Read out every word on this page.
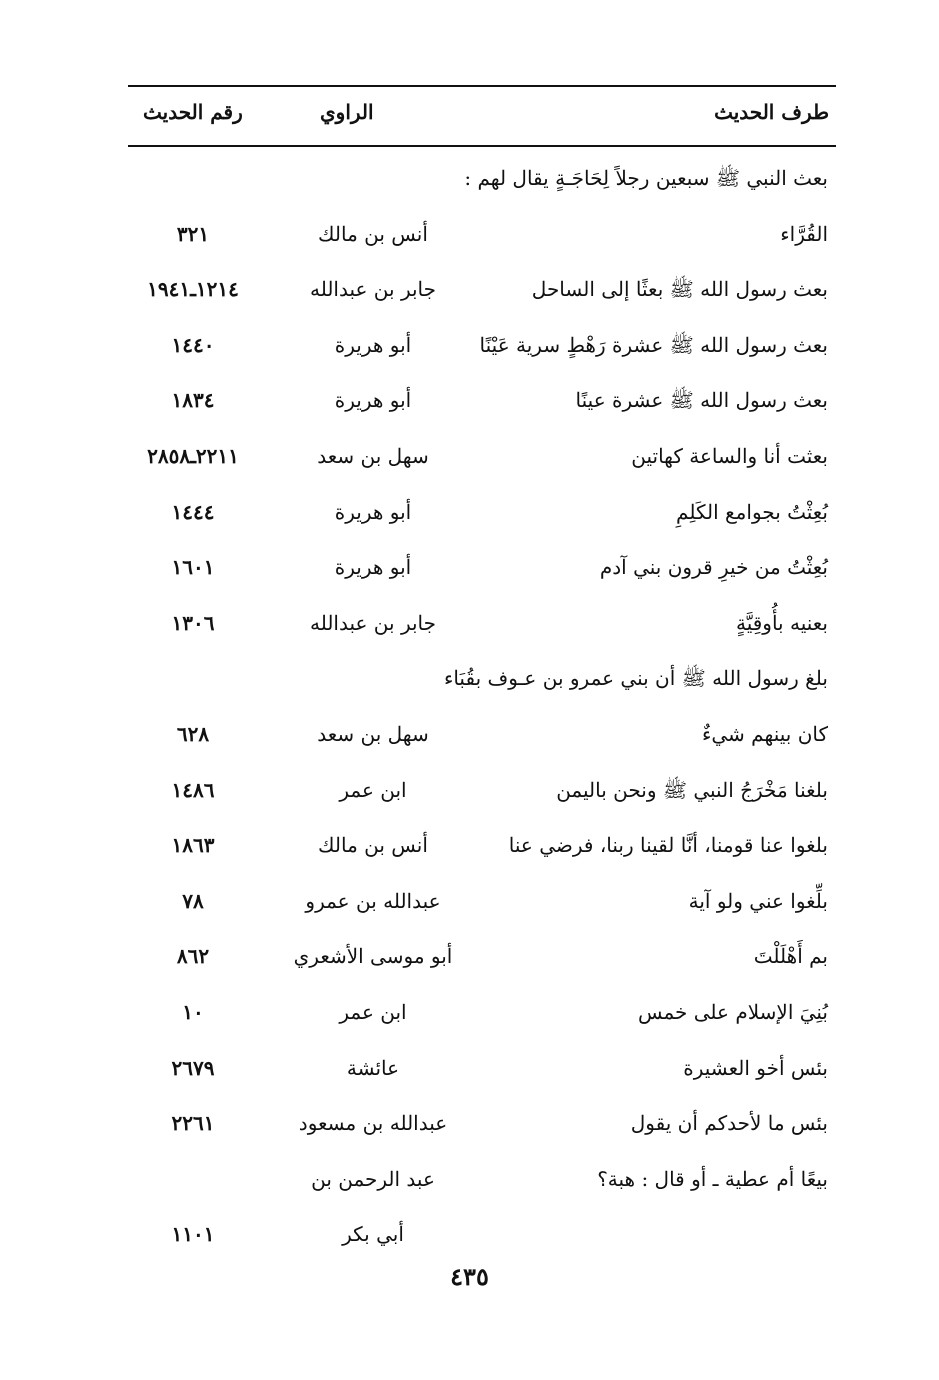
طرف الحديث
الراوي
رقم الحديث
بعث النبي ﷺ سبعين رجلاً لِحَاجَـةٍ يقال لهم :
القُرَّاء
أنس بن مالك
٣٢١
بعث رسول الله ﷺ بعثًا إلى الساحل
جابر بن عبدالله
١٢١٤ـ١٩٤١
بعث رسول الله ﷺ عشرة رَهْطٍ سرية عَيْنًا
أبو هريرة
١٤٤٠
بعث رسول الله ﷺ عشرة عينًا
أبو هريرة
١٨٣٤
بعثت أنا والساعة كهاتين
سهل بن سعد
٢٢١١ـ٢٨٥٨
بُعِثْتُ بجوامع الكَلِمِ
أبو هريرة
١٤٤٤
بُعِثْتُ من خيرِ قرون بني آدم
أبو هريرة
١٦٠١
بعنيه بأُوقِيَّةٍ
جابر بن عبدالله
١٣٠٦
بلغ رسول الله ﷺ أن بني عمرو بن عـوف بقُبَاء
كان بينهم شيءٌ
سهل بن سعد
٦٢٨
بلغنا مَخْرَجُ النبي ﷺ ونحن باليمن
ابن عمر
١٤٨٦
بلغوا عنا قومنا، أنَّا لقينا ربنا، فرضي عنا
أنس بن مالك
١٨٦٣
بلِّغوا عني ولو آية
عبدالله بن عمرو
٧٨
بم أَهْلَلْتَ
أبو موسى الأشعري
٨٦٢
بُنِيَ الإسلام على خمس
ابن عمر
١٠
بئس أخو العشيرة
عائشة
٢٦٧٩
بئس ما لأحدكم أن يقول
عبدالله بن مسعود
٢٢٦١
بيعًا أم عطية ـ أو قال : هبة؟
عبد الرحمن بن
أبي بكر
١١٠١
٤٣٥
